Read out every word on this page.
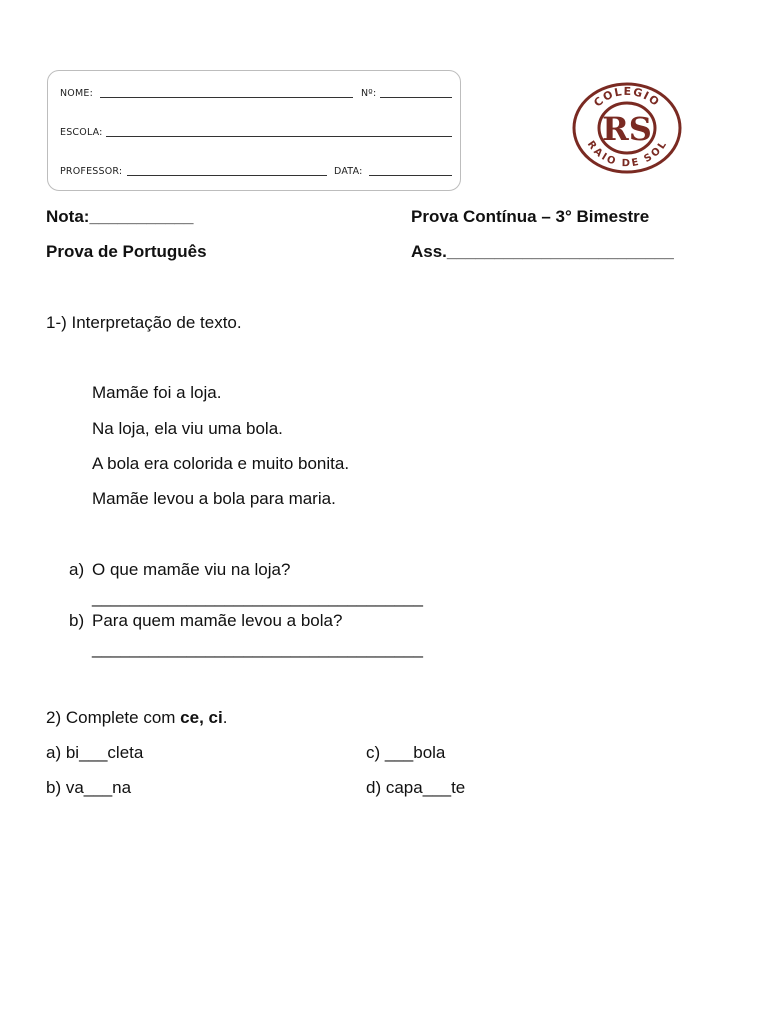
NOME:	Nº:
ESCOLA:
PROFESSOR:	DATA:
COLEGIO
RAIO DE SOL
RS
Nota:___________	Prova Contínua – 3° Bimestre
Prova de Português	Ass.________________________
1-) Interpretação de texto.
Mamãe foi a loja.
Na loja, ela viu uma bola.
A bola era colorida e muito bonita.
Mamãe levou a bola para maria.
a) O que mamãe viu na loja?
___________________________________
b) Para quem mamãe levou a bola?
___________________________________
2) Complete com ce, ci.
a) bi___cleta	c) ___bola
b) va___na	d) capa___te
